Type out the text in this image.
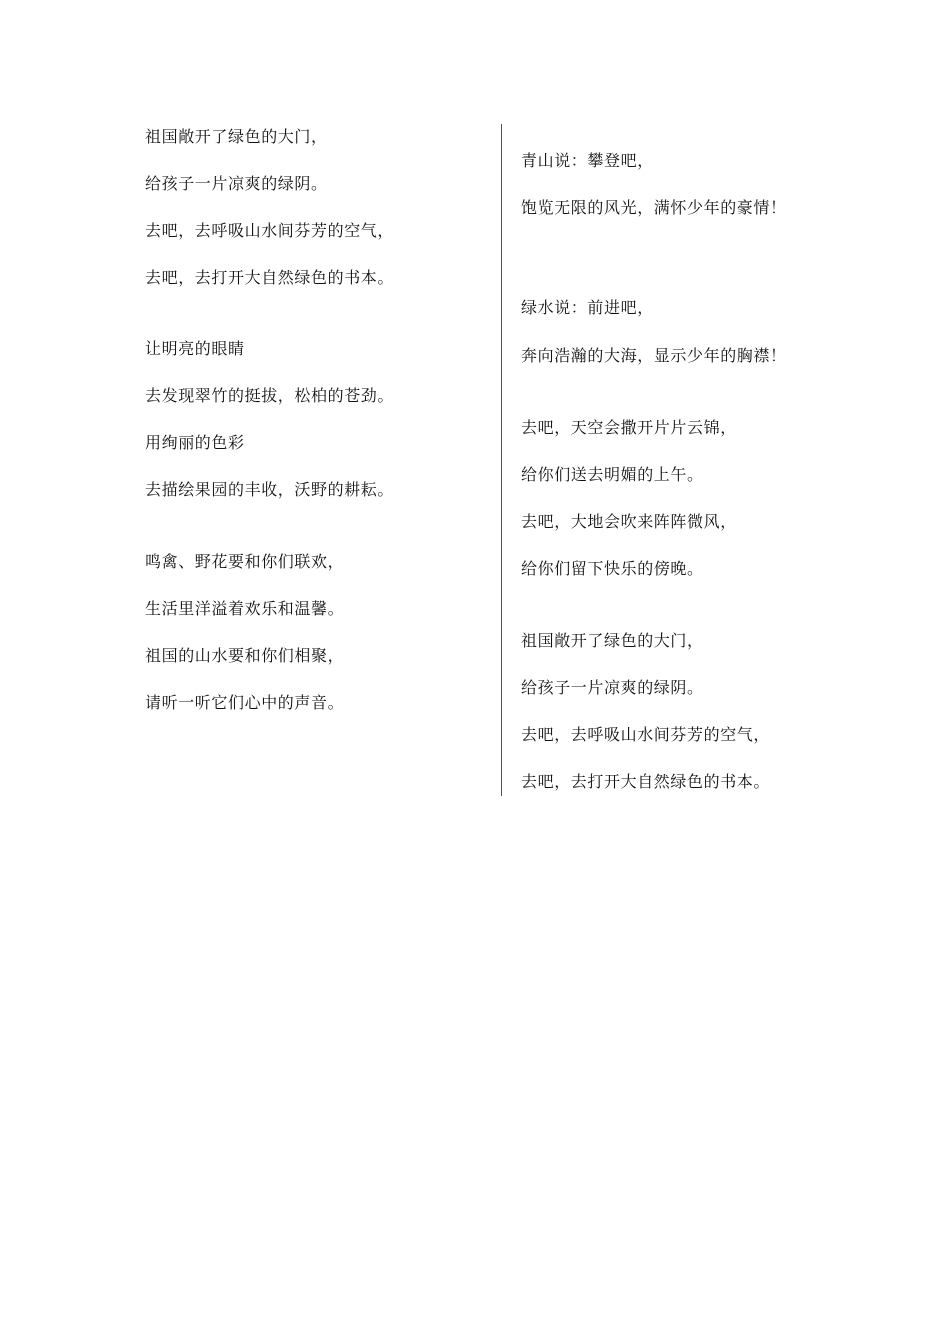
祖国敞开了绿色的大门，
给孩子一片凉爽的绿阴。
去吧，去呼吸山水间芬芳的空气，
去吧，去打开大自然绿色的书本。
让明亮的眼睛
去发现翠竹的挺拔，松柏的苍劲。
用绚丽的色彩
去描绘果园的丰收，沃野的耕耘。
鸣禽、野花要和你们联欢，
生活里洋溢着欢乐和温馨。
祖国的山水要和你们相聚，
请听一听它们心中的声音。
青山说：攀登吧，
饱览无限的风光，满怀少年的豪情！
绿水说：前进吧，
奔向浩瀚的大海，显示少年的胸襟！
去吧，天空会撒开片片云锦，
给你们送去明媚的上午。
去吧，大地会吹来阵阵微风，
给你们留下快乐的傍晚。
祖国敞开了绿色的大门，
给孩子一片凉爽的绿阴。
去吧，去呼吸山水间芬芳的空气，
去吧，去打开大自然绿色的书本。
